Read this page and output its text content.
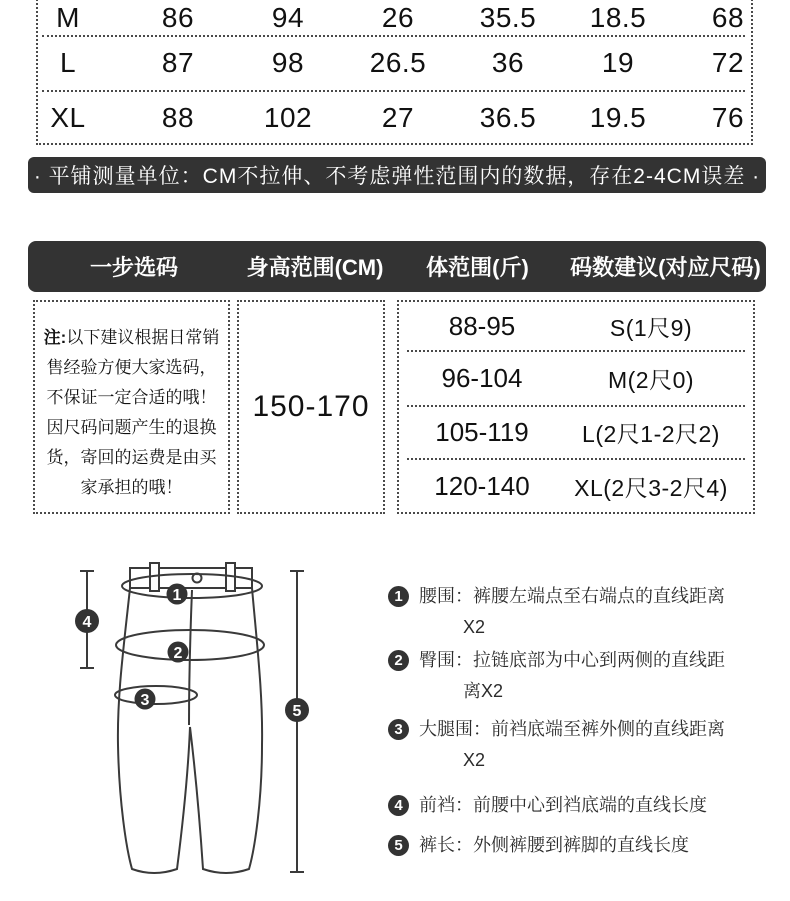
M	86	94	26	35.5	18.5	68
L	87	98	26.5	36	19	72
XL	88	102	27	36.5	19.5	76
· 平铺测量单位：CM不拉伸、不考虑弹性范围内的数据，存在2-4CM误差 ·
一步选码	身高范围(CM)	体范围(斤)	码数建议(对应尺码)
注:以下建议根据日常销售经验方便大家选码，不保证一定合适的哦！因尺码问题产生的退换货，寄回的运费是由买家承担的哦！
150-170
88-95	S(1尺9)
96-104	M(2尺0)
105-119	L(2尺1-2尺2)
120-140	XL(2尺3-2尺4)
1
2
3
4
5
1 腰围：裤腰左端点至右端点的直线距离
X2
2 臀围：拉链底部为中心到两侧的直线距
离X2
3 大腿围：前裆底端至裤外侧的直线距离
X2
4 前裆：前腰中心到裆底端的直线长度
5 裤长：外侧裤腰到裤脚的直线长度
